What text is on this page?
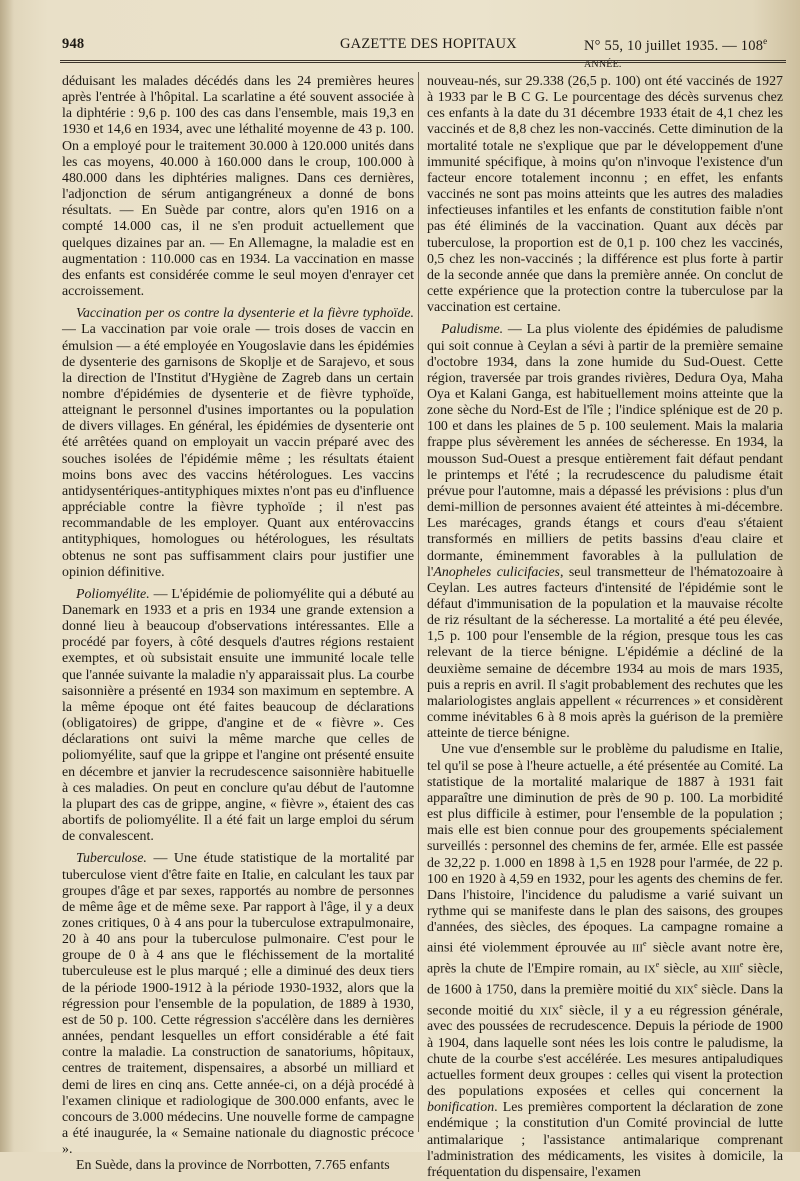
948	GAZETTE DES HOPITAUX	N° 55, 10 juillet 1935. — 108e ANNÉE.

déduisant les malades décédés dans les 24 premières heures après l'entrée à l'hôpital. La scarlatine a été souvent associée à la diphtérie : 9,6 p. 100 des cas dans l'ensemble, mais 19,3 en 1930 et 14,6 en 1934, avec une léthalité moyenne de 43 p. 100. On a employé pour le traitement 30.000 à 120.000 unités dans les cas moyens, 40.000 à 160.000 dans le croup, 100.000 à 480.000 dans les diphtéries malignes. Dans ces dernières, l'adjonction de sérum antigangréneux a donné de bons résultats. — En Suède par contre, alors qu'en 1916 on a compté 14.000 cas, il ne s'en produit actuellement que quelques dizaines par an. — En Allemagne, la maladie est en augmentation : 110.000 cas en 1934. La vaccination en masse des enfants est considérée comme le seul moyen d'enrayer cet accroissement.

Vaccination per os contre la dysenterie et la fièvre typhoïde. — La vaccination par voie orale — trois doses de vaccin en émulsion — a été employée en Yougoslavie dans les épidémies de dysenterie des garnisons de Skoplje et de Sarajevo, et sous la direction de l'Institut d'Hygiène de Zagreb dans un certain nombre d'épidémies de dysenterie et de fièvre typhoïde, atteignant le personnel d'usines importantes ou la population de divers villages. En général, les épidémies de dysenterie ont été arrêtées quand on employait un vaccin préparé avec des souches isolées de l'épidémie même ; les résultats étaient moins bons avec des vaccins hétérologues. Les vaccins antidysentériques-antityphiques mixtes n'ont pas eu d'influence appréciable contre la fièvre typhoïde ; il n'est pas recommandable de les employer. Quant aux entérovaccins antityphiques, homologues ou hétérologues, les résultats obtenus ne sont pas suffisamment clairs pour justifier une opinion définitive.

Poliomyélite. — L'épidémie de poliomyélite qui a débuté au Danemark en 1933 et a pris en 1934 une grande extension a donné lieu à beaucoup d'observations intéressantes. Elle a procédé par foyers, à côté desquels d'autres régions restaient exemptes, et où subsistait ensuite une immunité locale telle que l'année suivante la maladie n'y apparaissait plus. La courbe saisonnière a présenté en 1934 son maximum en septembre. A la même époque ont été faites beaucoup de déclarations (obligatoires) de grippe, d'angine et de « fièvre ». Ces déclarations ont suivi la même marche que celles de poliomyélite, sauf que la grippe et l'angine ont présenté ensuite en décembre et janvier la recrudescence saisonnière habituelle à ces maladies. On peut en conclure qu'au début de l'automne la plupart des cas de grippe, angine, « fièvre », étaient des cas abortifs de poliomyélite. Il a été fait un large emploi du sérum de convalescent.

Tuberculose. — Une étude statistique de la mortalité par tuberculose vient d'être faite en Italie, en calculant les taux par groupes d'âge et par sexes, rapportés au nombre de personnes de même âge et de même sexe. Par rapport à l'âge, il y a deux zones critiques, 0 à 4 ans pour la tuberculose extrapulmonaire, 20 à 40 ans pour la tuberculose pulmonaire. C'est pour le groupe de 0 à 4 ans que le fléchissement de la mortalité tuberculeuse est le plus marqué ; elle a diminué des deux tiers de la période 1900-1912 à la période 1930-1932, alors que la régression pour l'ensemble de la population, de 1889 à 1930, est de 50 p. 100. Cette régression s'accélère dans les dernières années, pendant lesquelles un effort considérable a été fait contre la maladie. La construction de sanatoriums, hôpitaux, centres de traitement, dispensaires, a absorbé un milliard et demi de lires en cinq ans. Cette année-ci, on a déjà procédé à l'examen clinique et radiologique de 300.000 enfants, avec le concours de 3.000 médecins. Une nouvelle forme de campagne a été inaugurée, la « Semaine nationale du diagnostic précoce ».

En Suède, dans la province de Norrbotten, 7.765 enfants

nouveau-nés, sur 29.338 (26,5 p. 100) ont été vaccinés de 1927 à 1933 par le B C G. Le pourcentage des décès survenus chez ces enfants à la date du 31 décembre 1933 était de 4,1 chez les vaccinés et de 8,8 chez les non-vaccinés. Cette diminution de la mortalité totale ne s'explique que par le développement d'une immunité spécifique, à moins qu'on n'invoque l'existence d'un facteur encore totalement inconnu ; en effet, les enfants vaccinés ne sont pas moins atteints que les autres des maladies infectieuses infantiles et les enfants de constitution faible n'ont pas été éliminés de la vaccination. Quant aux décès par tuberculose, la proportion est de 0,1 p. 100 chez les vaccinés, 0,5 chez les non-vaccinés ; la différence est plus forte à partir de la seconde année que dans la première année. On conclut de cette expérience que la protection contre la tuberculose par la vaccination est certaine.

Paludisme. — La plus violente des épidémies de paludisme qui soit connue à Ceylan a sévi à partir de la première semaine d'octobre 1934, dans la zone humide du Sud-Ouest. Cette région, traversée par trois grandes rivières, Dedura Oya, Maha Oya et Kalani Ganga, est habituellement moins atteinte que la zone sèche du Nord-Est de l'île ; l'indice splénique est de 20 p. 100 et dans les plaines de 5 p. 100 seulement. Mais la malaria frappe plus sévèrement les années de sécheresse. En 1934, la mousson Sud-Ouest a presque entièrement fait défaut pendant le printemps et l'été ; la recrudescence du paludisme était prévue pour l'automne, mais a dépassé les prévisions : plus d'un demi-million de personnes avaient été atteintes à mi-décembre. Les marécages, grands étangs et cours d'eau s'étaient transformés en milliers de petits bassins d'eau claire et dormante, éminemment favorables à la pullulation de l'Anopheles culicifacies, seul transmetteur de l'hématozoaire à Ceylan. Les autres facteurs d'intensité de l'épidémie sont le défaut d'immunisation de la population et la mauvaise récolte de riz résultant de la sécheresse. La mortalité a été peu élevée, 1,5 p. 100 pour l'ensemble de la région, presque tous les cas relevant de la tierce bénigne. L'épidémie a décliné de la deuxième semaine de décembre 1934 au mois de mars 1935, puis a repris en avril. Il s'agit probablement des rechutes que les malariologistes anglais appellent « récurrences » et considèrent comme inévitables 6 à 8 mois après la guérison de la première atteinte de tierce bénigne.

Une vue d'ensemble sur le problème du paludisme en Italie, tel qu'il se pose à l'heure actuelle, a été présentée au Comité. La statistique de la mortalité malarique de 1887 à 1931 fait apparaître une diminution de près de 90 p. 100. La morbidité est plus difficile à estimer, pour l'ensemble de la population ; mais elle est bien connue pour des groupements spécialement surveillés : personnel des chemins de fer, armée. Elle est passée de 32,22 p. 1.000 en 1898 à 1,5 en 1928 pour l'armée, de 22 p. 100 en 1920 à 4,59 en 1932, pour les agents des chemins de fer. Dans l'histoire, l'incidence du paludisme a varié suivant un rythme qui se manifeste dans le plan des saisons, des groupes d'années, des siècles, des époques. La campagne romaine a ainsi été violemment éprouvée au IIIe siècle avant notre ère, après la chute de l'Empire romain, au IXe siècle, au XIIIe siècle, de 1600 à 1750, dans la première moitié du XIXe siècle. Dans la seconde moitié du XIXe siècle, il y a eu régression générale, avec des poussées de recrudescence. Depuis la période de 1900 à 1904, dans laquelle sont nées les lois contre le paludisme, la chute de la courbe s'est accélérée. Les mesures antipaludiques actuelles forment deux groupes : celles qui visent la protection des populations exposées et celles qui concernent la bonification. Les premières comportent la déclaration de zone endémique ; la constitution d'un Comité provincial de lutte antimalarique ; l'assistance antimalarique comprenant l'administration des médicaments, les visites à domicile, la fréquentation du dispensaire, l'examen
